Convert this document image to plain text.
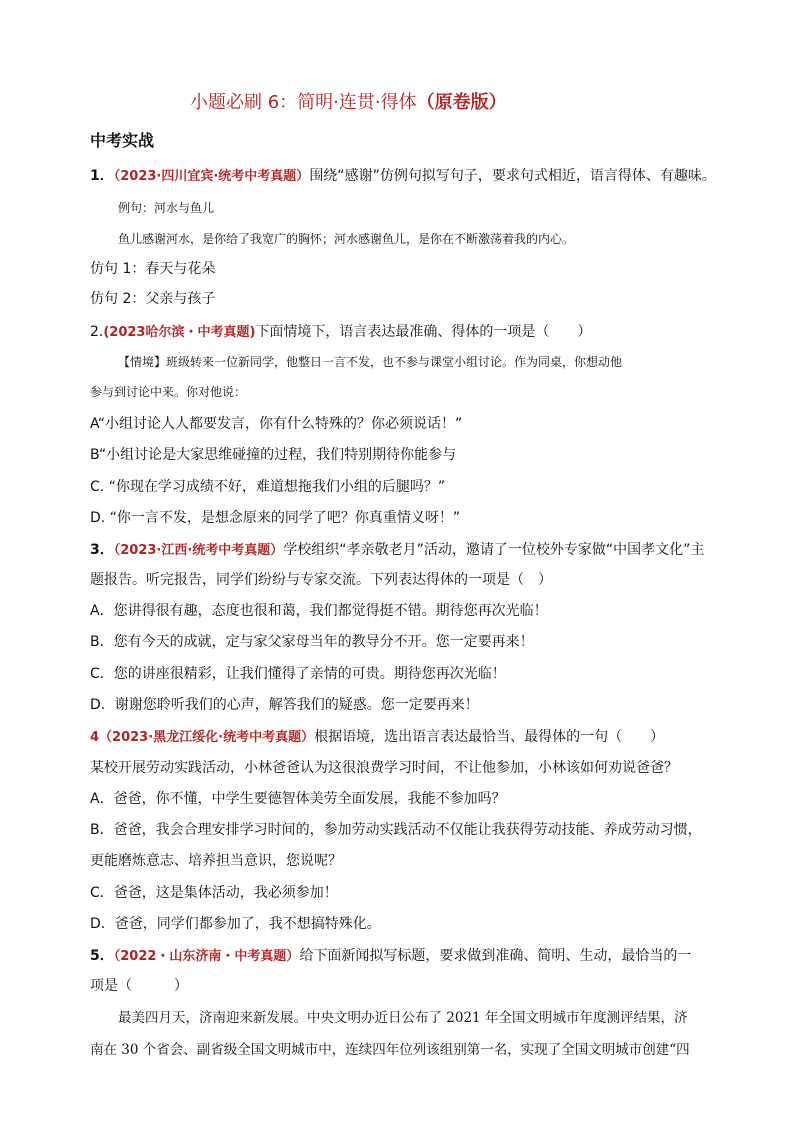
小题必刷 6：简明·连贯·得体（原卷版）
中考实战
1．（2023·四川宜宾·统考中考真题）围绕“感谢”仿例句拟写句子，要求句式相近，语言得体、有趣味。
例句：河水与鱼儿
鱼儿感谢河水，是你给了我宽广的胸怀；河水感谢鱼儿，是你在不断激荡着我的内心。
仿句 1：春天与花朵
仿句 2：父亲与孩子
2.(2023哈尔滨・中考真题)下面情境下，语言表达最准确、得体的一项是（　　）
【情境】班级转来一位新同学，他整日一言不发，也不参与课堂小组讨论。作为同桌，你想动他
参与到讨论中来。你对他说：
A“小组讨论人人都要发言，你有什么特殊的？你必须说话！”
B“小组讨论是大家思维碰撞的过程，我们特别期待你能参与
C. “你现在学习成绩不好，难道想拖我们小组的后腿吗？”
D. “你一言不发，是想念原来的同学了吧？你真重情义呀！”
3．（2023·江西·统考中考真题）学校组织“孝亲敬老月”活动，邀请了一位校外专家做“中国孝文化”主
题报告。听完报告，同学们纷纷与专家交流。下列表达得体的一项是（　）
A．您讲得很有趣，态度也很和蔼，我们都觉得挺不错。期待您再次光临！
B．您有今天的成就，定与家父家母当年的教导分不开。您一定要再来！
C．您的讲座很精彩，让我们懂得了亲情的可贵。期待您再次光临！
D．谢谢您聆听我们的心声，解答我们的疑惑。您一定要再来！
4（2023·黑龙江绥化·统考中考真题）根据语境，选出语言表达最恰当、最得体的一句（　　）
某校开展劳动实践活动，小林爸爸认为这很浪费学习时间，不让他参加，小林该如何劝说爸爸？
A．爸爸，你不懂，中学生要德智体美劳全面发展，我能不参加吗？
B．爸爸，我会合理安排学习时间的，参加劳动实践活动不仅能让我获得劳动技能、养成劳动习惯，
更能磨炼意志、培养担当意识，您说呢？
C．爸爸，这是集体活动，我必须参加！
D．爸爸，同学们都参加了，我不想搞特殊化。
5．（2022・山东济南・中考真题）给下面新闻拟写标题，要求做到准确、简明、生动，最恰当的一
项是（　　　）
最美四月天，济南迎来新发展。中央文明办近日公布了 2021 年全国文明城市年度测评结果，济
南在 30 个省会、副省级全国文明城市中，连续四年位列该组别第一名，实现了全国文明城市创建“四
